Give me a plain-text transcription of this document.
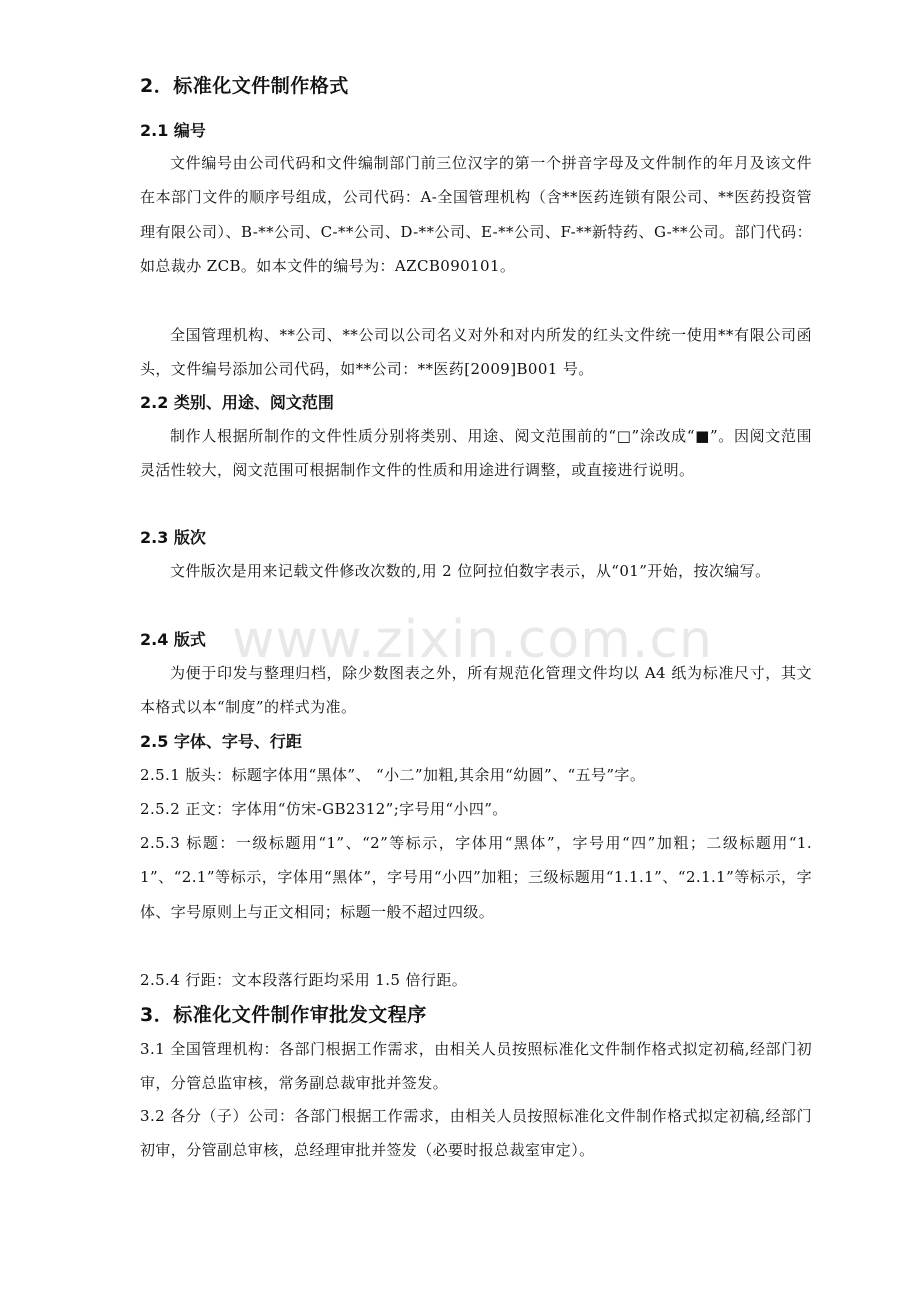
2．标准化文件制作格式
2.1 编号

文件编号由公司代码和文件编制部门前三位汉字的第一个拼音字母及文件制作的年月及该文件在本部门文件的顺序号组成，公司代码：A-全国管理机构（含**医药连锁有限公司、**医药投资管理有限公司）、B-**公司、C-**公司、D-**公司、E-**公司、F-**新特药、G-**公司。部门代码：如总裁办 ZCB。如本文件的编号为：AZCB090101。

全国管理机构、**公司、**公司以公司名义对外和对内所发的红头文件统一使用**有限公司函头，文件编号添加公司代码，如**公司：**医药[2009]B001 号。

2.2 类别、用途、阅文范围

制作人根据所制作的文件性质分别将类别、用途、阅文范围前的“□”涂改成“■”。因阅文范围灵活性较大，阅文范围可根据制作文件的性质和用途进行调整，或直接进行说明。

2.3 版次

文件版次是用来记载文件修改次数的,用 2 位阿拉伯数字表示，从“01”开始，按次编写。

2.4 版式

为便于印发与整理归档，除少数图表之外，所有规范化管理文件均以 A4 纸为标准尺寸，其文本格式以本“制度”的样式为准。

2.5 字体、字号、行距

2.5.1 版头：标题字体用“黑体”、 “小二”加粗,其余用“幼圆”、“五号”字。

2.5.2 正文：字体用“仿宋-GB2312”;字号用“小四”。

2.5.3 标题：一级标题用“1”、“2”等标示，字体用“黑体”，字号用“四”加粗；二级标题用“1.1”、“2.1”等标示，字体用“黑体”，字号用“小四”加粗；三级标题用“1.1.1”、“2.1.1”等标示，字体、字号原则上与正文相同；标题一般不超过四级。

2.5.4 行距：文本段落行距均采用 1.5 倍行距。

3．标准化文件制作审批发文程序

3.1 全国管理机构：各部门根据工作需求，由相关人员按照标准化文件制作格式拟定初稿,经部门初审，分管总监审核，常务副总裁审批并签发。

3.2 各分（子）公司：各部门根据工作需求，由相关人员按照标准化文件制作格式拟定初稿,经部门初审，分管副总审核，总经理审批并签发（必要时报总裁室审定）。

www.zixin.com.cn
